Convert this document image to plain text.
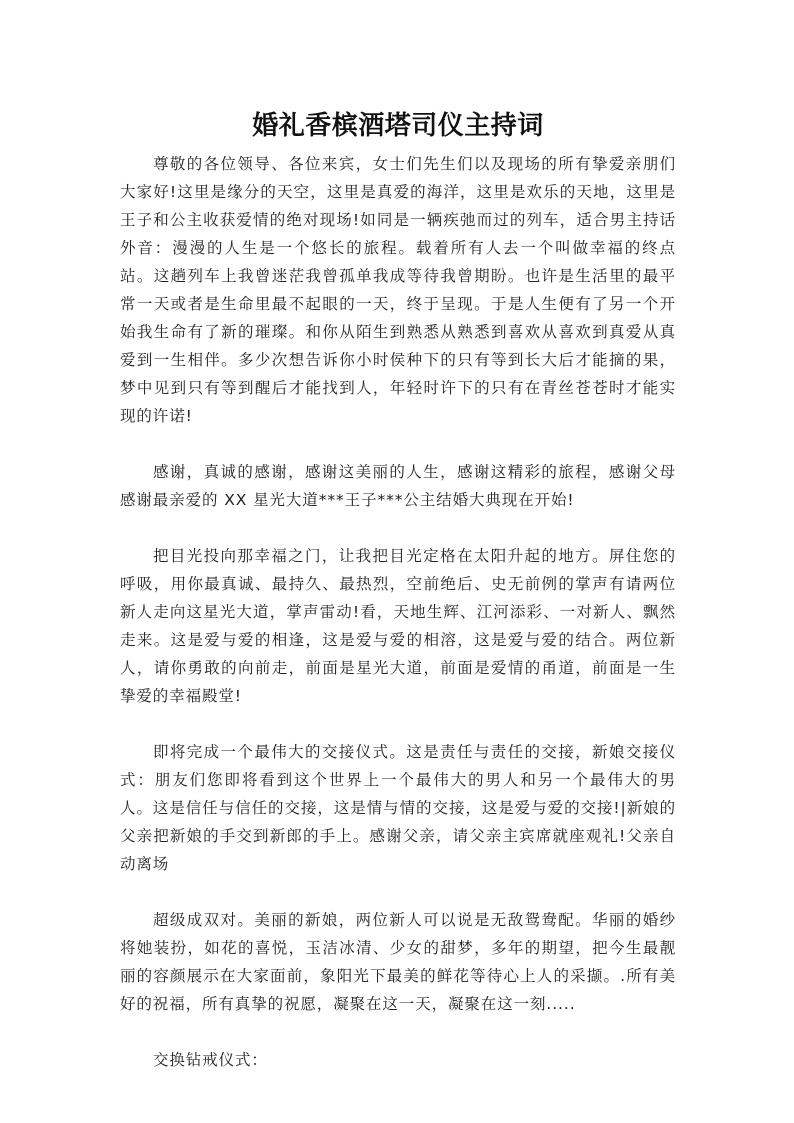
婚礼香槟酒塔司仪主持词

尊敬的各位领导、各位来宾，女士们先生们以及现场的所有挚爱亲朋们大家好!这里是缘分的天空，这里是真爱的海洋，这里是欢乐的天地，这里是王子和公主收获爱情的绝对现场!如同是一辆疾弛而过的列车，适合男主持话外音：漫漫的人生是一个悠长的旅程。载着所有人去一个叫做幸福的终点站。这趟列车上我曾迷茫我曾孤单我成等待我曾期盼。也许是生活里的最平常一天或者是生命里最不起眼的一天，终于呈现。于是人生便有了另一个开始我生命有了新的璀璨。和你从陌生到熟悉从熟悉到喜欢从喜欢到真爱从真爱到一生相伴。多少次想告诉你小时侯种下的只有等到长大后才能摘的果，梦中见到只有等到醒后才能找到人，年轻时许下的只有在青丝苍苍时才能实现的许诺!

感谢，真诚的感谢，感谢这美丽的人生，感谢这精彩的旅程，感谢父母感谢最亲爱的 XX 星光大道***王子***公主结婚大典现在开始!

把目光投向那幸福之门，让我把目光定格在太阳升起的地方。屏住您的呼吸，用你最真诚、最持久、最热烈，空前绝后、史无前例的掌声有请两位新人走向这星光大道，掌声雷动!看，天地生辉、江河添彩、一对新人、飘然走来。这是爱与爱的相逢，这是爱与爱的相溶，这是爱与爱的结合。两位新人，请你勇敢的向前走，前面是星光大道，前面是爱情的甬道，前面是一生挚爱的幸福殿堂!

即将完成一个最伟大的交接仪式。这是责任与责任的交接，新娘交接仪式：朋友们您即将看到这个世界上一个最伟大的男人和另一个最伟大的男人。这是信任与信任的交接，这是情与情的交接，这是爱与爱的交接!|新娘的父亲把新娘的手交到新郎的手上。感谢父亲，请父亲主宾席就座观礼!父亲自动离场

超级成双对。美丽的新娘，两位新人可以说是无敌鸳鸯配。华丽的婚纱将她装扮，如花的喜悦，玉洁冰清、少女的甜梦，多年的期望，把今生最靓丽的容颜展示在大家面前，象阳光下最美的鲜花等待心上人的采撷。.所有美好的祝福，所有真挚的祝愿，凝聚在这一天，凝聚在这一刻.....

交换钻戒仪式：
